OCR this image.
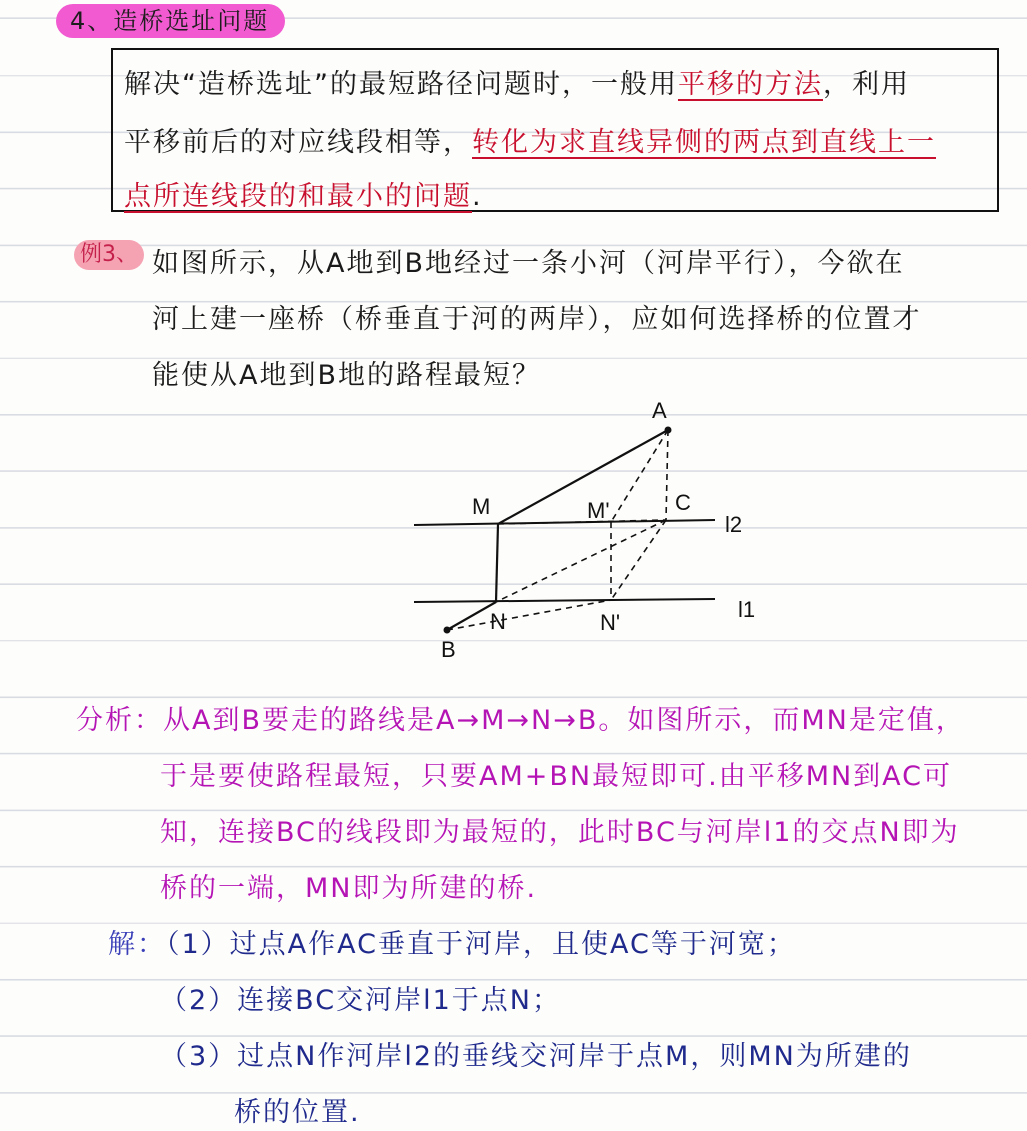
4、造桥选址问题
解决“造桥选址”的最短路径问题时，一般用平移的方法，利用
平移前后的对应线段相等，转化为求直线异侧的两点到直线上一
点所连线段的和最小的问题.
例3、 如图所示，从A地到B地经过一条小河（河岸平行），今欲在
河上建一座桥（桥垂直于河的两岸），应如何选择桥的位置才
能使从A地到B地的路程最短？
A
M	M'	C
l2
N	N'
l1
B
分析：从A到B要走的路线是A→M→N→B。如图所示，而MN是定值，
于是要使路程最短，只要AM+BN最短即可.由平移MN到AC可
知，连接BC的线段即为最短的，此时BC与河岸l1的交点N即为
桥的一端，MN即为所建的桥.
解：（1）过点A作AC垂直于河岸，且使AC等于河宽；
（2）连接BC交河岸l1于点N；
（3）过点N作河岸l2的垂线交河岸于点M，则MN为所建的
桥的位置.
